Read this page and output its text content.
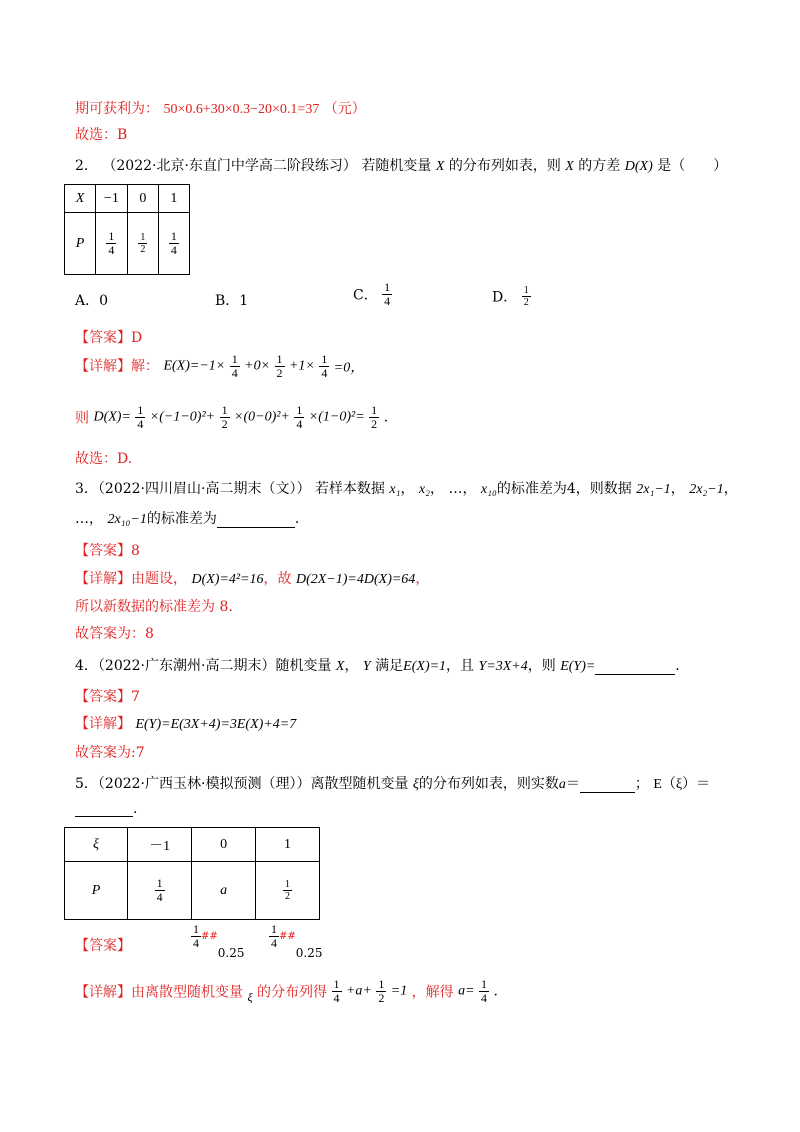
期可获利为： 50×0.6+30×0.3−20×0.1=37 （元）
故选：B
2． （2022·北京·东直门中学高二阶段练习） 若随机变量 X 的分布列如表，则 X 的方差 D(X) 是（　　）
X	−1	0	1
P	$\frac{1}{4}$	$\frac{1}{2}$	$\frac{1}{4}$
A．0	B．1	C． $\frac{1}{4}$	D． $\frac{1}{2}$
【答案】D
【详解】解： $E(X)=-1\times \frac{1}{4} +0\times \frac{1}{2} +1\times \frac{1}{4} =0$，
则 $D(X)= \frac{1}{4} \times(-1-0)^2+ \frac{1}{2} \times(0-0)^2+ \frac{1}{4} \times(1-0)^2= \frac{1}{2}$ .
故选：D.
3．（2022·四川眉山·高二期末（文）） 若样本数据 x₁， x₂， …， x₁₀的标准差为4，则数据 2x₁−1， 2x₂−1，
…， 2x₁₀−1的标准差为	.
【答案】8
【详解】由题设， D(X)=4²=16，故 D(2X−1)=4D(X)=64，
所以新数据的标准差为 8.
故答案为：8
4．（2022·广东潮州·高二期末）随机变量 X， Y 满足E(X)=1，且 Y=3X+4，则 E(Y)=	.
【答案】7
【详解】 E(Y)=E(3X+4)=3E(X)+4=7
故答案为:7
5．（2022·广西玉林·模拟预测（理））离散型随机变量 ξ的分布列如表，则实数a＝	； E（ξ）＝
.
ξ	－1	0	1
P	$\frac{1}{4}$	a	$\frac{1}{2}$
【答案】	$\frac{1}{4} ^{\#\#}0.25$
$\frac{1}{4} ^{\#\#}0.25$
【详解】由离散型随机变量 ξ 的分布列得 $\frac{1}{4} +a+ \frac{1}{2} =1$ ，解得 $a= \frac{1}{4}$ .
